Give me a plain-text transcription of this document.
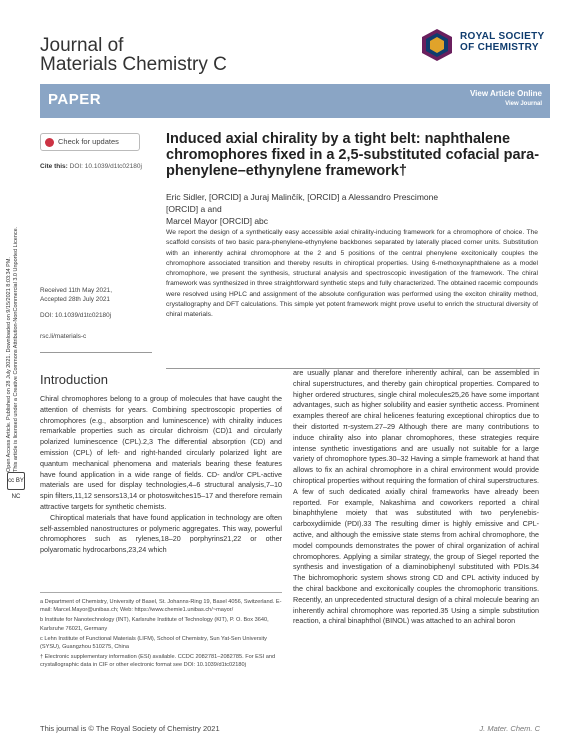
Journal of
Materials Chemistry C
ROYAL SOCIETY
OF CHEMISTRY
PAPER	View Article Online
View Journal
Open Access Article. Published on 28 July 2021. Downloaded on 9/15/2021 8:03:34 PM. This article is licensed under a Creative Commons Attribution-NonCommercial 3.0 Unported Licence.
cc BY NC
Check for updates
Cite this: DOI: 10.1039/d1tc02180j
Induced axial chirality by a tight belt: naphthalene chromophores fixed in a 2,5-substituted cofacial para-phenylene–ethynylene framework†
Eric Sidler, [ORCID] a Juraj Malinčík, [ORCID] a Alessandro Prescimone [ORCID] a and
Marcel Mayor [ORCID] abc
We report the design of a synthetically easy accessible axial chirality-inducing framework for a chromophore of choice. The scaffold consists of two basic para-phenylene-ethynylene backbones separated by laterally placed corner units. Substitution with an inherently achiral chromophore at the 2 and 5 positions of the central phenylene excitonically couples the chromophore associated transition and thereby results in chiroptical properties. Using 6-methoxynaphthalene as a model chromophore, we present the synthesis, structural analysis and spectroscopic investigation of the framework. The chiral framework was synthesized in three straightforward synthetic steps and fully characterized. The obtained racemic compounds were resolved using HPLC and assignment of the absolute configuration was performed using the exciton chirality method, crystallography and DFT calculations. This simple yet potent framework might prove useful to enrich the structural diversity of chiral materials.
Received 11th May 2021,
Accepted 28th July 2021
DOI: 10.1039/d1tc02180j
rsc.li/materials-c
Introduction

Chiral chromophores belong to a group of molecules that have caught the attention of chemists for years. Combining spectroscopic properties of chromophores (e.g., absorption and luminescence) with chirality induces remarkable properties such as circular dichroism (CD)1 and circularly polarized luminescence (CPL).2,3 The differential absorption (CD) and emission (CPL) of left- and right-handed circularly polarized light are quantum mechanical phenomena and materials bearing these features have found application in a wide range of fields. CD- and/or CPL-active materials are used for display technologies,4–6 structural analysis,7–10 spin filters,11,12 sensors13,14 or photoswitches15–17 and therefore remain attractive targets for synthetic chemists.

Chiroptical materials that have found application in technology are often self-assembled nanostructures or polymeric aggregates. This way, powerful chromophores such as rylenes,18–20 porphyrins21,22 or other polyaromatic hydrocarbons,23,24 which

are usually planar and therefore inherently achiral, can be assembled in chiral superstructures, and thereby gain chiroptical properties. Compared to higher ordered structures, single chiral molecules25,26 have some important advantages, such as higher solubility and easier synthetic access. Prominent examples thereof are chiral helicenes featuring exceptional chiroptics due to their distorted π-system.27–29 Although there are many contributions to induce chirality also into planar chromophores, these strategies require intense synthetic investigations and are usually not suitable for a large variety of chromophore types.30–32 Having a simple framework at hand that allows to fix an achiral chromophore in a chiral environment would provide chiroptical properties without requiring the formation of chiral superstructures. A few of such dedicated axially chiral frameworks have already been reported. For example, Nakashima and coworkers reported a chiral binaphthylene moiety that was substituted with two perylenebis-carboxydiimide (PDI).33 The resulting dimer is highly emissive and CPL-active, and although the emissive state stems from achiral chromophore, the model compounds demonstrates the power of chiral organization of achiral chromophores. Applying a similar strategy, the group of Siegel reported the synthesis and investigation of a diaminobiphenyl substituted with PDIs.34 The bichromophoric system shows strong CD and CPL activity induced by the chiral backbone and excitonically couples the chromophoric transitions. Recently, an unprecedented structural design of a chiral molecule bearing an inherently achiral chromophore was reported.35 Using a simple substitution reaction, a chiral binaphthol (BINOL) was attached to an achiral boron

a Department of Chemistry, University of Basel, St. Johanns-Ring 19, Basel 4056, Switzerland. E-mail: Marcel.Mayor@unibas.ch; Web: https://www.chemie1.unibas.ch/~mayor/
b Institute for Nanotechnology (INT), Karlsruhe Institute of Technology (KIT), P. O. Box 3640, Karlsruhe 76021, Germany
c Lehn Institute of Functional Materials (LIFM), School of Chemistry, Sun Yat-Sen University (SYSU), Guangzhou 510275, China
† Electronic supplementary information (ESI) available. CCDC 2082781–2082785. For ESI and crystallographic data in CIF or other electronic format see DOI: 10.1039/d1tc02180j
This journal is © The Royal Society of Chemistry 2021	J. Mater. Chem. C
